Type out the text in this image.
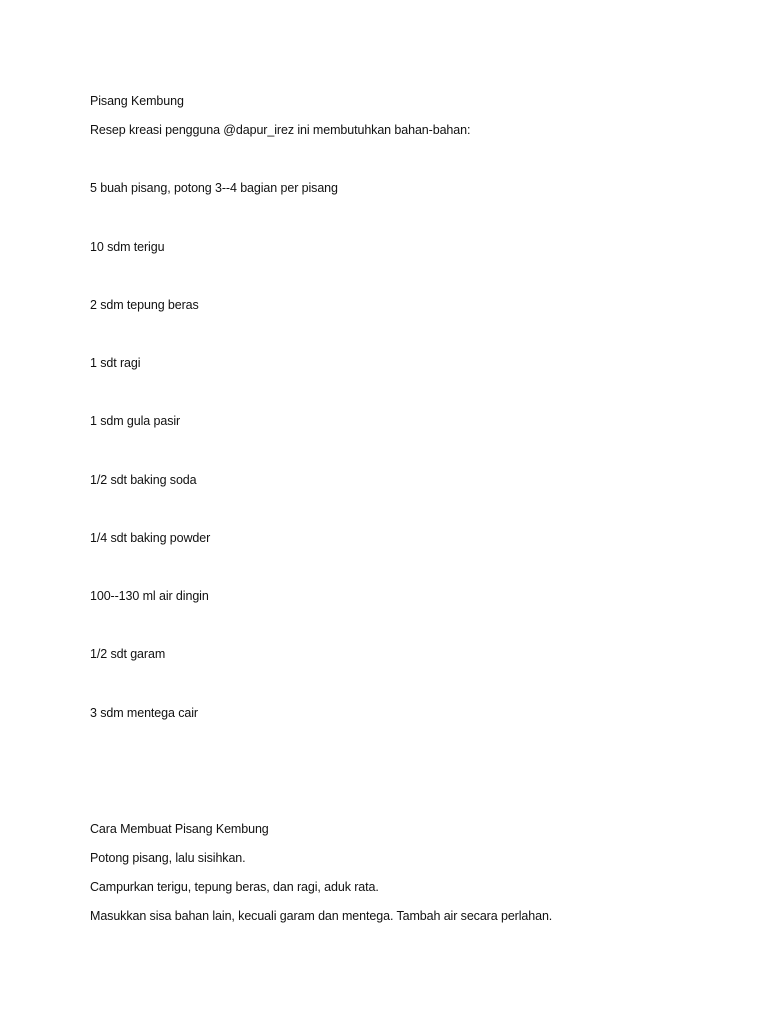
Pisang Kembung
Resep kreasi pengguna @dapur_irez ini membutuhkan bahan-bahan:
5 buah pisang, potong 3--4 bagian per pisang
10 sdm terigu
2 sdm tepung beras
1 sdt ragi
1 sdm gula pasir
1/2 sdt baking soda
1/4 sdt baking powder
100--130 ml air dingin
1/2 sdt garam
3 sdm mentega cair
Cara Membuat Pisang Kembung
Potong pisang, lalu sisihkan.
Campurkan terigu, tepung beras, dan ragi, aduk rata.
Masukkan sisa bahan lain, kecuali garam dan mentega. Tambah air secara perlahan.
